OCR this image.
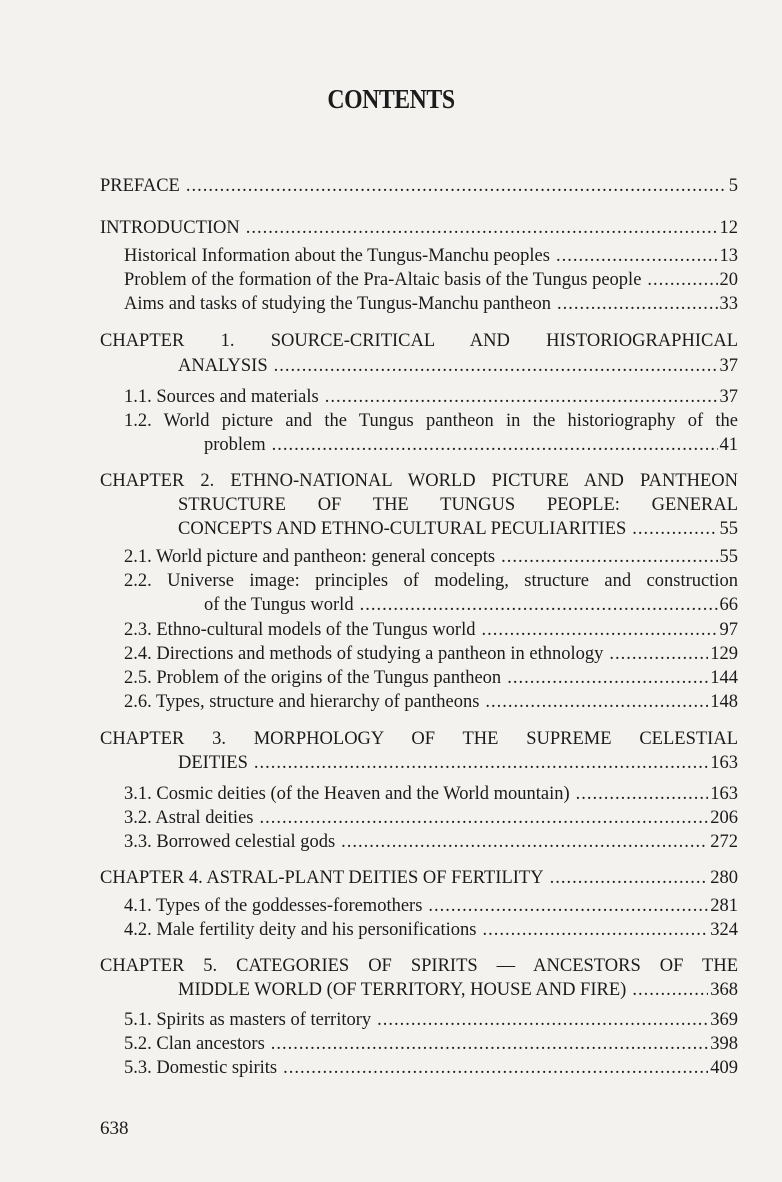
CONTENTS
PREFACE .....	5
INTRODUCTION .....	12
Historical Information about the Tungus-Manchu peoples .....	13
Problem of the formation of the Pra-Altaic basis of the Tungus people .....	20
Aims and tasks of studying the Tungus-Manchu pantheon .....	33
CHAPTER 1. SOURCE-CRITICAL AND HISTORIOGRAPHICAL
ANALYSIS .....	37
1.1. Sources and materials .....	37
1.2. World picture and the Tungus pantheon in the historiography of the
problem .....	41
CHAPTER 2. ETHNO-NATIONAL WORLD PICTURE AND PANTHEON
STRUCTURE OF THE TUNGUS PEOPLE: GENERAL
CONCEPTS AND ETHNO-CULTURAL PECULIARITIES .....	55
2.1. World picture and pantheon: general concepts .....	55
2.2. Universe image: principles of modeling, structure and construction
of the Tungus world .....	66
2.3. Ethno-cultural models of the Tungus world .....	97
2.4. Directions and methods of studying a pantheon in ethnology .....	129
2.5. Problem of the origins of the Tungus pantheon .....	144
2.6. Types, structure and hierarchy of pantheons .....	148
CHAPTER 3. MORPHOLOGY OF THE SUPREME CELESTIAL
DEITIES .....	163
3.1. Cosmic deities (of the Heaven and the World mountain) .....	163
3.2. Astral deities .....	206
3.3. Borrowed celestial gods .....	272
CHAPTER 4. ASTRAL-PLANT DEITIES OF FERTILITY .....	280
4.1. Types of the goddesses-foremothers .....	281
4.2. Male fertility deity and his personifications .....	324
CHAPTER 5. CATEGORIES OF SPIRITS — ANCESTORS OF THE
MIDDLE WORLD (OF TERRITORY, HOUSE AND FIRE) .....	368
5.1. Spirits as masters of territory .....	369
5.2. Clan ancestors .....	398
5.3. Domestic spirits .....	409
638
